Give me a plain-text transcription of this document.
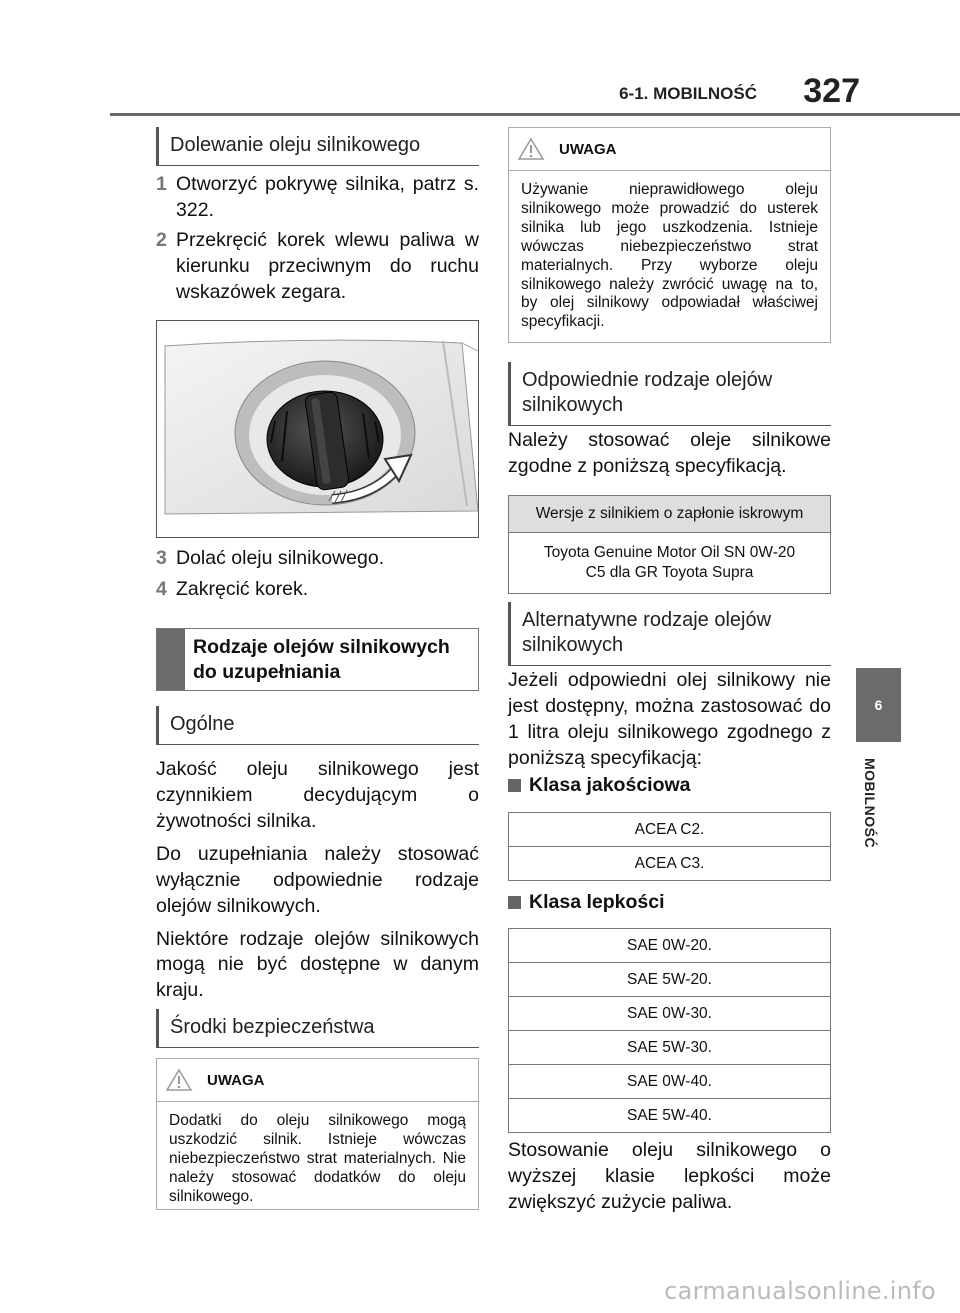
6-1. MOBILNOŚĆ	327
6
MOBILNOŚĆ
Dolewanie oleju silnikowego
1 Otworzyć pokrywę silnika, patrz s. 322.
2 Przekręcić korek wlewu paliwa w kierunku przeciwnym do ruchu wskazówek zegara.
3 Dolać oleju silnikowego.
4 Zakręcić korek.
Rodzaje olejów silnikowych do uzupełniania
Ogólne

Jakość oleju silnikowego jest czynnikiem decydującym o żywotności silnika.

Do uzupełniania należy stosować wyłącznie odpowiednie rodzaje olejów silnikowych.

Niektóre rodzaje olejów silnikowych mogą nie być dostępne w danym kraju.

Środki bezpieczeństwa
UWAGA
Dodatki do oleju silnikowego mogą uszkodzić silnik. Istnieje wówczas niebezpieczeństwo strat materialnych. Nie należy stosować dodatków do oleju silnikowego.
UWAGA
Używanie nieprawidłowego oleju silnikowego może prowadzić do usterek silnika lub jego uszkodzenia. Istnieje wówczas niebezpieczeństwo strat materialnych. Przy wyborze oleju silnikowego należy zwrócić uwagę na to, by olej silnikowy odpowiadał właściwej specyfikacji.
Odpowiednie rodzaje olejów silnikowych

Należy stosować oleje silnikowe zgodne z poniższą specyfikacją.

Wersje z silnikiem o zapłonie iskrowym
Toyota Genuine Motor Oil SN 0W-20
C5 dla GR Toyota Supra
Alternatywne rodzaje olejów silnikowych

Jeżeli odpowiedni olej silnikowy nie jest dostępny, można zastosować do 1 litra oleju silnikowego zgodnego z poniższą specyfikacją:

Klasa jakościowa
ACEA C2.
ACEA C3.
Klasa lepkości
SAE 0W-20.
SAE 5W-20.
SAE 0W-30.
SAE 5W-30.
SAE 0W-40.
SAE 5W-40.

Stosowanie oleju silnikowego o wyższej klasie lepkości może zwiększyć zużycie paliwa.

carmanualsonline.info
